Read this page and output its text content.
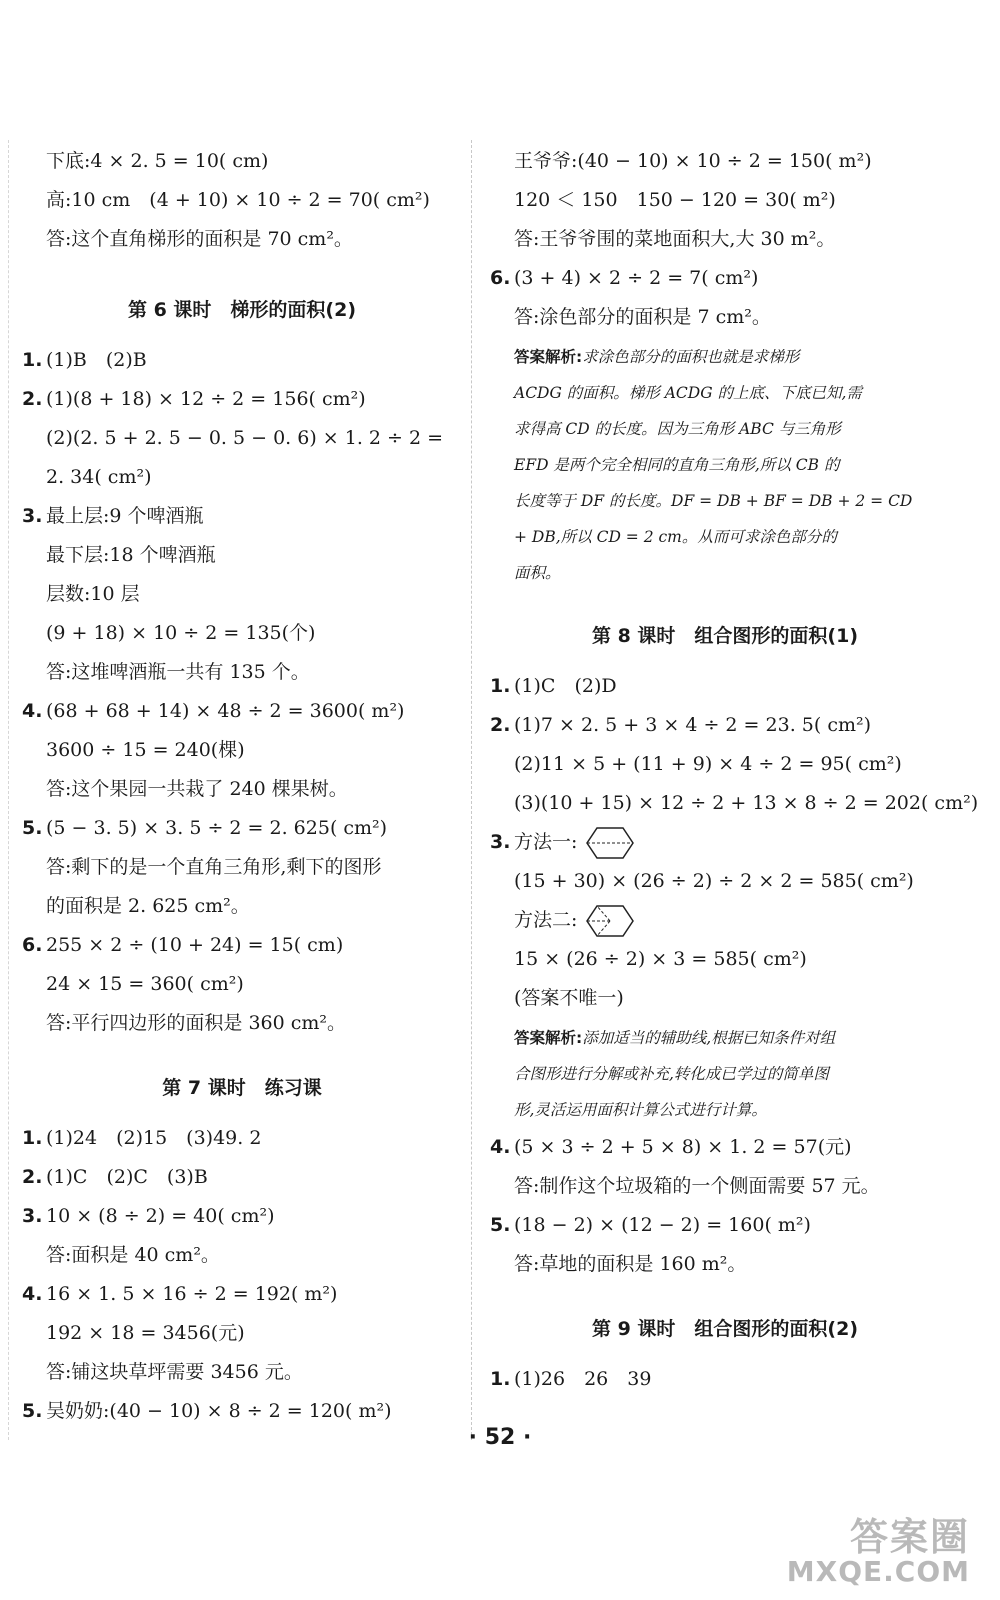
下底:4 × 2. 5 = 10( cm)
高:10 cm　(4 + 10) × 10 ÷ 2 = 70( cm²)
答:这个直角梯形的面积是 70 cm²。
第 6 课时　梯形的面积(2)
1. (1)B　(2)B
2. (1)(8 + 18) × 12 ÷ 2 = 156( cm²)
(2)(2. 5 + 2. 5 − 0. 5 − 0. 6) × 1. 2 ÷ 2 =
2. 34( cm²)
3. 最上层:9 个啤酒瓶
最下层:18 个啤酒瓶
层数:10 层
(9 + 18) × 10 ÷ 2 = 135(个)
答:这堆啤酒瓶一共有 135 个。
4. (68 + 68 + 14) × 48 ÷ 2 = 3600( m²)
3600 ÷ 15 = 240(棵)
答:这个果园一共栽了 240 棵果树。
5. (5 − 3. 5) × 3. 5 ÷ 2 = 2. 625( cm²)
答:剩下的是一个直角三角形,剩下的图形
的面积是 2. 625 cm²。
6. 255 × 2 ÷ (10 + 24) = 15( cm)
24 × 15 = 360( cm²)
答:平行四边形的面积是 360 cm²。
第 7 课时　练习课
1. (1)24　(2)15　(3)49. 2
2. (1)C　(2)C　(3)B
3. 10 × (8 ÷ 2) = 40( cm²)
答:面积是 40 cm²。
4. 16 × 1. 5 × 16 ÷ 2 = 192( m²)
192 × 18 = 3456(元)
答:铺这块草坪需要 3456 元。
5. 吴奶奶:(40 − 10) × 8 ÷ 2 = 120( m²)
王爷爷:(40 − 10) × 10 ÷ 2 = 150( m²)
120 ＜ 150　150 − 120 = 30( m²)
答:王爷爷围的菜地面积大,大 30 m²。
6. (3 + 4) × 2 ÷ 2 = 7( cm²)
答:涂色部分的面积是 7 cm²。
答案解析:求涂色部分的面积也就是求梯形
ACDG 的面积。梯形 ACDG 的上底、下底已知,需
求得高 CD 的长度。因为三角形 ABC 与三角形
EFD 是两个完全相同的直角三角形,所以 CB 的
长度等于 DF 的长度。DF = DB + BF = DB + 2 = CD
+ DB,所以 CD = 2 cm。从而可求涂色部分的
面积。
第 8 课时　组合图形的面积(1)
1. (1)C　(2)D
2. (1)7 × 2. 5 + 3 × 4 ÷ 2 = 23. 5( cm²)
(2)11 × 5 + (11 + 9) × 4 ÷ 2 = 95( cm²)
(3)(10 + 15) × 12 ÷ 2 + 13 × 8 ÷ 2 = 202( cm²)
3. 方法一:
(15 + 30) × (26 ÷ 2) ÷ 2 × 2 = 585( cm²)
方法二:
15 × (26 ÷ 2) × 3 = 585( cm²)
(答案不唯一)
答案解析:添加适当的辅助线,根据已知条件对组
合图形进行分解或补充,转化成已学过的简单图
形,灵活运用面积计算公式进行计算。
4. (5 × 3 ÷ 2 + 5 × 8) × 1. 2 = 57(元)
答:制作这个垃圾箱的一个侧面需要 57 元。
5. (18 − 2) × (12 − 2) = 160( m²)
答:草地的面积是 160 m²。
第 9 课时　组合图形的面积(2)
1. (1)26　26　39
· 52 ·
答案圈
MXQE.COM
